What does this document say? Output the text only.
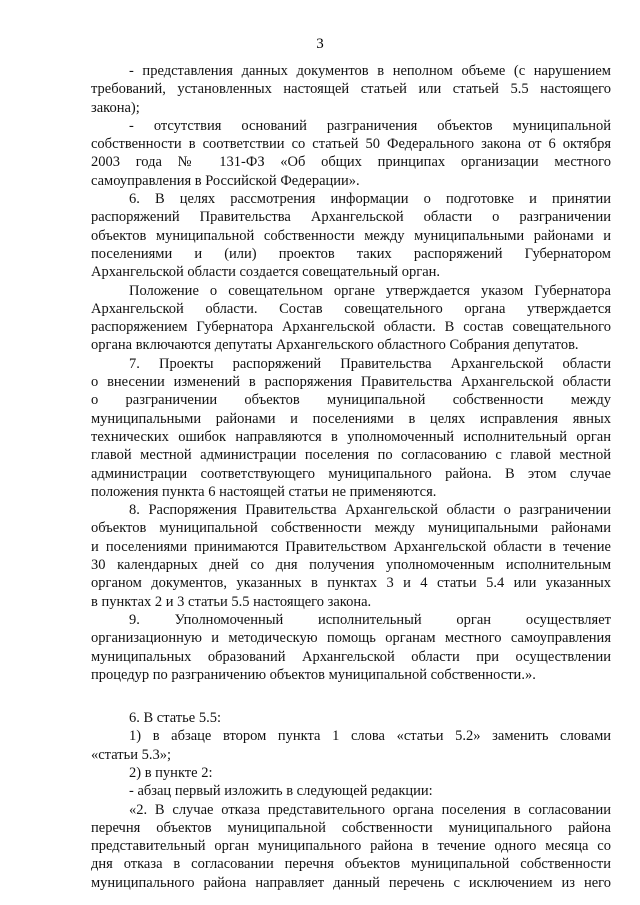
3
- представления данных документов в неполном объеме (с нарушением
требований, установленных настоящей статьей или статьей 5.5 настоящего
закона);
- отсутствия оснований разграничения объектов муниципальной
собственности в соответствии со статьей 50 Федерального закона от 6 октября
2003 года № 131-ФЗ «Об общих принципах организации местного
самоуправления в Российской Федерации».
6. В целях рассмотрения информации о подготовке и принятии
распоряжений Правительства Архангельской области о разграничении
объектов муниципальной собственности между муниципальными районами и
поселениями и (или) проектов таких распоряжений Губернатором
Архангельской области создается совещательный орган.
Положение о совещательном органе утверждается указом Губернатора
Архангельской области. Состав совещательного органа утверждается
распоряжением Губернатора Архангельской области. В состав совещательного
органа включаются депутаты Архангельского областного Собрания депутатов.
7. Проекты распоряжений Правительства Архангельской области
о внесении изменений в распоряжения Правительства Архангельской области
о разграничении объектов муниципальной собственности между
муниципальными районами и поселениями в целях исправления явных
технических ошибок направляются в уполномоченный исполнительный орган
главой местной администрации поселения по согласованию с главой местной
администрации соответствующего муниципального района. В этом случае
положения пункта 6 настоящей статьи не применяются.
8. Распоряжения Правительства Архангельской области о разграничении
объектов муниципальной собственности между муниципальными районами
и поселениями принимаются Правительством Архангельской области в течение
30 календарных дней со дня получения уполномоченным исполнительным
органом документов, указанных в пунктах 3 и 4 статьи 5.4 или указанных
в пунктах 2 и 3 статьи 5.5 настоящего закона.
9. Уполномоченный исполнительный орган осуществляет
организационную и методическую помощь органам местного самоуправления
муниципальных образований Архангельской области при осуществлении
процедур по разграничению объектов муниципальной собственности.».
6. В статье 5.5:
1) в абзаце втором пункта 1 слова «статьи 5.2» заменить словами
«статьи 5.3»;
2) в пункте 2:
- абзац первый изложить в следующей редакции:
«2. В случае отказа представительного органа поселения в согласовании
перечня объектов муниципальной собственности муниципального района
представительный орган муниципального района в течение одного месяца со
дня отказа в согласовании перечня объектов муниципальной собственности
муниципального района направляет данный перечень с исключением из него
